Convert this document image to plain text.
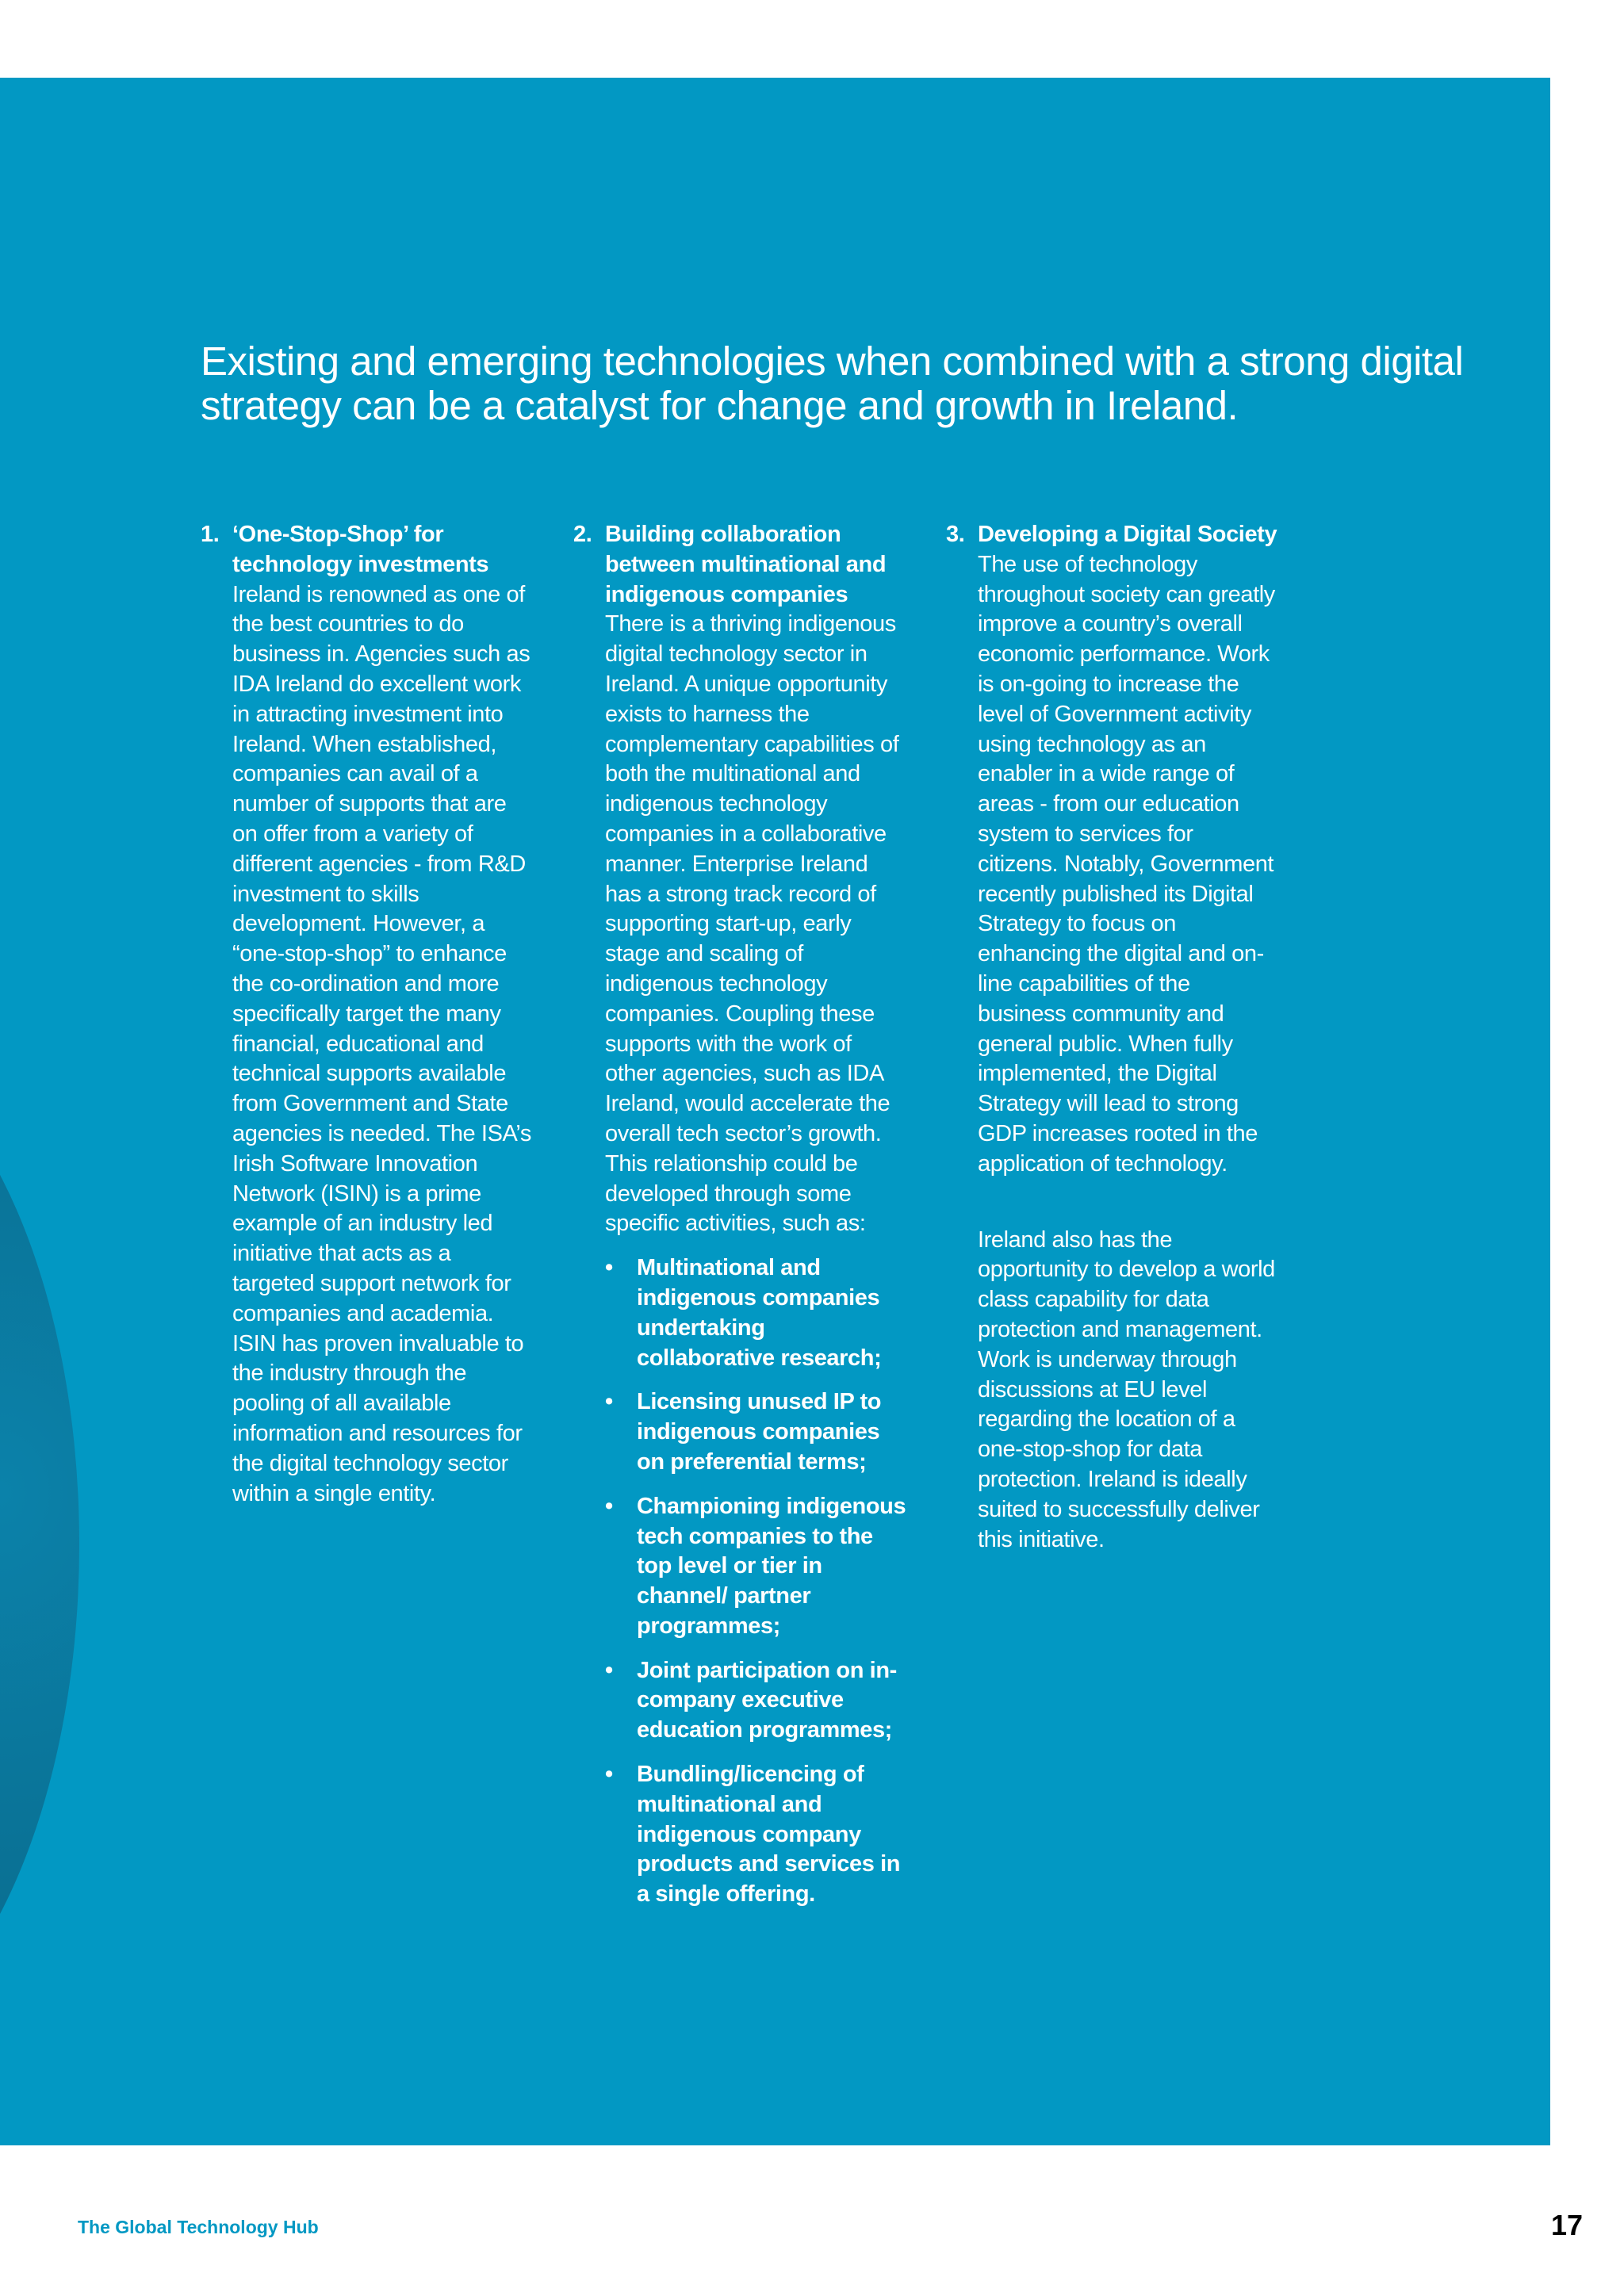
Existing and emerging technologies when combined with a strong digital strategy can be a catalyst for change and growth in Ireland.
1. ‘One-Stop-Shop’ for technology investments

Ireland is renowned as one of the best countries to do business in. Agencies such as IDA Ireland do excellent work in attracting investment into Ireland. When established, companies can avail of a number of supports that are on offer from a variety of different agencies - from R&D investment to skills development. However, a “one-stop-shop” to enhance the co-ordination and more specifically target the many financial, educational and technical supports available from Government and State agencies is needed. The ISA’s Irish Software Innovation Network (ISIN) is a prime example of an industry led initiative that acts as a targeted support network for companies and academia. ISIN has proven invaluable to the industry through the pooling of all available information and resources for the digital technology sector within a single entity.

2. Building collaboration between multinational and indigenous companies

There is a thriving indigenous digital technology sector in Ireland. A unique opportunity exists to harness the complementary capabilities of both the multinational and indigenous technology companies in a collaborative manner. Enterprise Ireland has a strong track record of supporting start-up, early stage and scaling of indigenous technology companies. Coupling these supports with the work of other agencies, such as IDA Ireland, would accelerate the overall tech sector’s growth. This relationship could be developed through some specific activities, such as:

• Multinational and indigenous companies undertaking collaborative research;
• Licensing unused IP to indigenous companies on preferential terms;
• Championing indigenous tech companies to the top level or tier in channel/ partner programmes;
• Joint participation on in-company executive education programmes;
• Bundling/licencing of multinational and indigenous company products and services in a single offering.
3. Developing a Digital Society

The use of technology throughout society can greatly improve a country’s overall economic performance. Work is on-going to increase the level of Government activity using technology as an enabler in a wide range of areas - from our education system to services for citizens. Notably, Government recently published its Digital Strategy to focus on enhancing the digital and on-line capabilities of the business community and general public. When fully implemented, the Digital Strategy will lead to strong GDP increases rooted in the application of technology.

Ireland also has the opportunity to develop a world class capability for data protection and management. Work is underway through discussions at EU level regarding the location of a one-stop-shop for data protection. Ireland is ideally suited to successfully deliver this initiative.

The Global Technology Hub	17
